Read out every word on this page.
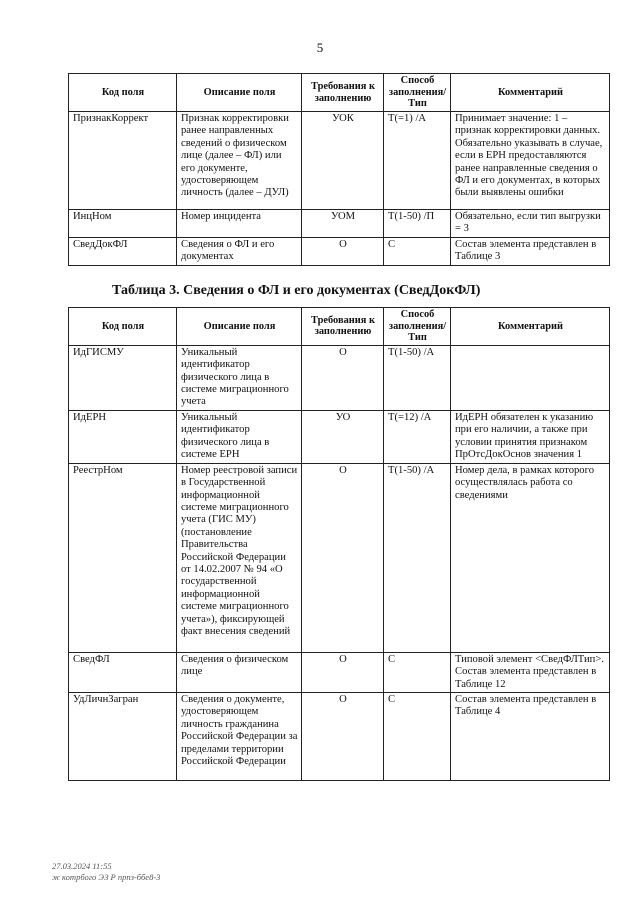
5
Код поля	Описание поля	Требования к заполнению	Способ заполнения/ Тип	Комментарий
ПризнакКоррект	Признак корректировки ранее направленных сведений о физическом лице (далее – ФЛ) или его документе, удостоверяющем личность (далее – ДУЛ)	УОК	Т(=1) /А	Принимает значение: 1 – признак корректировки данных. Обязательно указывать в случае, если в ЕРН предоставляются ранее направленные сведения о ФЛ и его документах, в которых были выявлены ошибки
ИнцНом	Номер инцидента	УОМ	Т(1-50) /П	Обязательно, если тип выгрузки = 3
СведДокФЛ	Сведения о ФЛ и его документах	О	С	Состав элемента представлен в Таблице 3
Таблица 3. Сведения о ФЛ и его документах (СведДокФЛ)
Код поля	Описание поля	Требования к заполнению	Способ заполнения/ Тип	Комментарий
ИдГИСМУ	Уникальный идентификатор физического лица в системе миграционного учета	О	Т(1-50) /А	
ИдЕРН	Уникальный идентификатор физического лица в системе ЕРН	УО	Т(=12) /А	ИдЕРН обязателен к указанию при его наличии, а также при условии принятия признаком ПрОтсДокОснов значения 1
РеестрНом	Номер реестровой записи в Государственной информационной системе миграционного учета (ГИС МУ) (постановление Правительства Российской Федерации от 14.02.2007 № 94 «О государственной информационной системе миграционного учета»), фиксирующей факт внесения сведений	О	Т(1-50) /А	Номер дела, в рамках которого осуществлялась работа со сведениями
СведФЛ	Сведения о физическом лице	О	С	Типовой элемент <СведФЛТип>. Состав элемента представлен в Таблице 12
УдЛичнЗагран	Сведения о документе, удостоверяющем личность гражданина Российской Федерации за пределами территории Российской Федерации	О	С	Состав элемента представлен в Таблице 4
27.03.2024 11:55
ж котрбого ЭЗ Р прпз-ббе8-3
